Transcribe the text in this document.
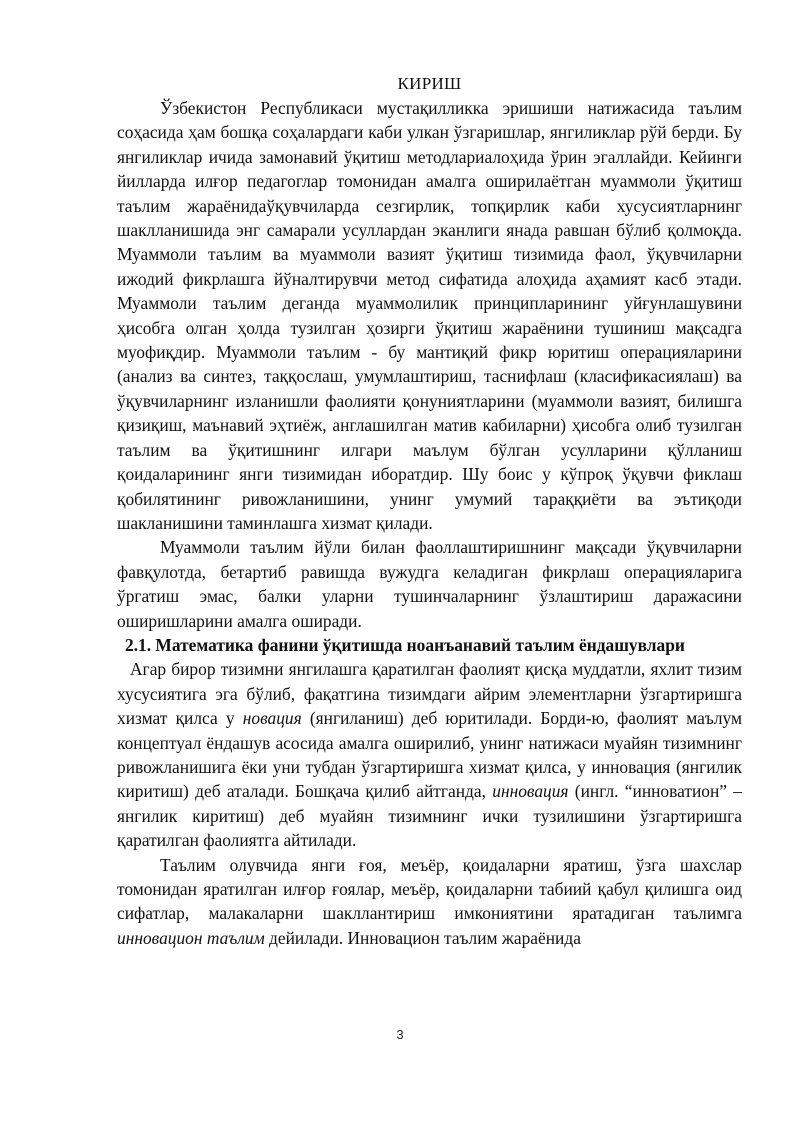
КИРИШ

Ўзбекистон Республикаси мустақилликка эришиши натижасида таълим соҳасида ҳам бошқа соҳалардаги каби улкан ўзгаришлар, янгиликлар рўй берди. Бу янгиликлар ичида замонавий ўқитиш методлариалоҳида ўрин эгаллайди. Кейинги йилларда илғор педагоглар томонидан амалга оширилаётган муаммоли ўқитиш таълим жараёнидаўқувчиларда сезгирлик, топқирлик каби хусусиятларнинг шаклланишида энг самарали усуллардан эканлиги янада равшан бўлиб қолмоқда. Муаммоли таълим ва муаммоли вазият ўқитиш тизимида фаол, ўқувчиларни ижодий фикрлашга йўналтирувчи метод сифатида алоҳида аҳамият касб этади. Муаммоли таълим деганда муаммолилик принципларининг уйғунлашувини ҳисобга олган ҳолда тузилган ҳозирги ўқитиш жараёнини тушиниш мақсадга муофиқдир. Муаммоли таълим - бу мантиқий фикр юритиш операцияларини (анализ ва синтез, таққослаш, умумлаштириш, таснифлаш (класификасиялаш) ва ўқувчиларнинг изланишли фаолияти қонуниятларини (муаммоли вазият, билишга қизиқиш, маънавий эҳтиёж, англашилган матив кабиларни) ҳисобга олиб тузилган таълим ва ўқитишнинг илгари маълум бўлган усулларини қўлланиш қоидаларининг янги тизимидан иборатдир. Шу боис у кўпроқ ўқувчи фиклаш қобилятининг ривожланишини, унинг умумий тараққиёти ва эътиқоди шакланишини таминлашга хизмат қилади.

Муаммоли таълим йўли билан фаоллаштиришнинг мақсади ўқувчиларни фавқулотда, бетартиб равишда вужудга келадиган фикрлаш операцияларига ўргатиш эмас, балки уларни тушинчаларнинг ўзлаштириш даражасини оширишларини амалга оширади.

2.1. Математика фанини ўқитишда ноанъанавий таълим ёндашувлари

Агар бирор тизимни янгилашга қаратилган фаолият қисқа муддатли, яхлит тизим хусусиятига эга бўлиб, фақатгина тизимдаги айрим элементларни ўзгартиришга хизмат қилса у новация (янгиланиш) деб юритилади. Борди-ю, фаолият маълум концептуал ёндашув асосида амалга оширилиб, унинг натижаси муайян тизимнинг ривожланишига ёки уни тубдан ўзгартиришга хизмат қилса, у инновация (янгилик киритиш) деб аталади. Бошқача қилиб айтганда, инновация (ингл. “инноватион” – янгилик киритиш) деб муайян тизимнинг ички тузилишини ўзгартиришга қаратилган фаолиятга айтилади.

Таълим олувчида янги ғоя, меъёр, қоидаларни яратиш, ўзга шахслар томонидан яратилган илғор ғоялар, меъёр, қоидаларни табиий қабул қилишга оид сифатлар, малакаларни шакллантириш имкониятини яратадиган таълимга инновацион таълим дейилади. Инновацион таълим жараёнида

3
